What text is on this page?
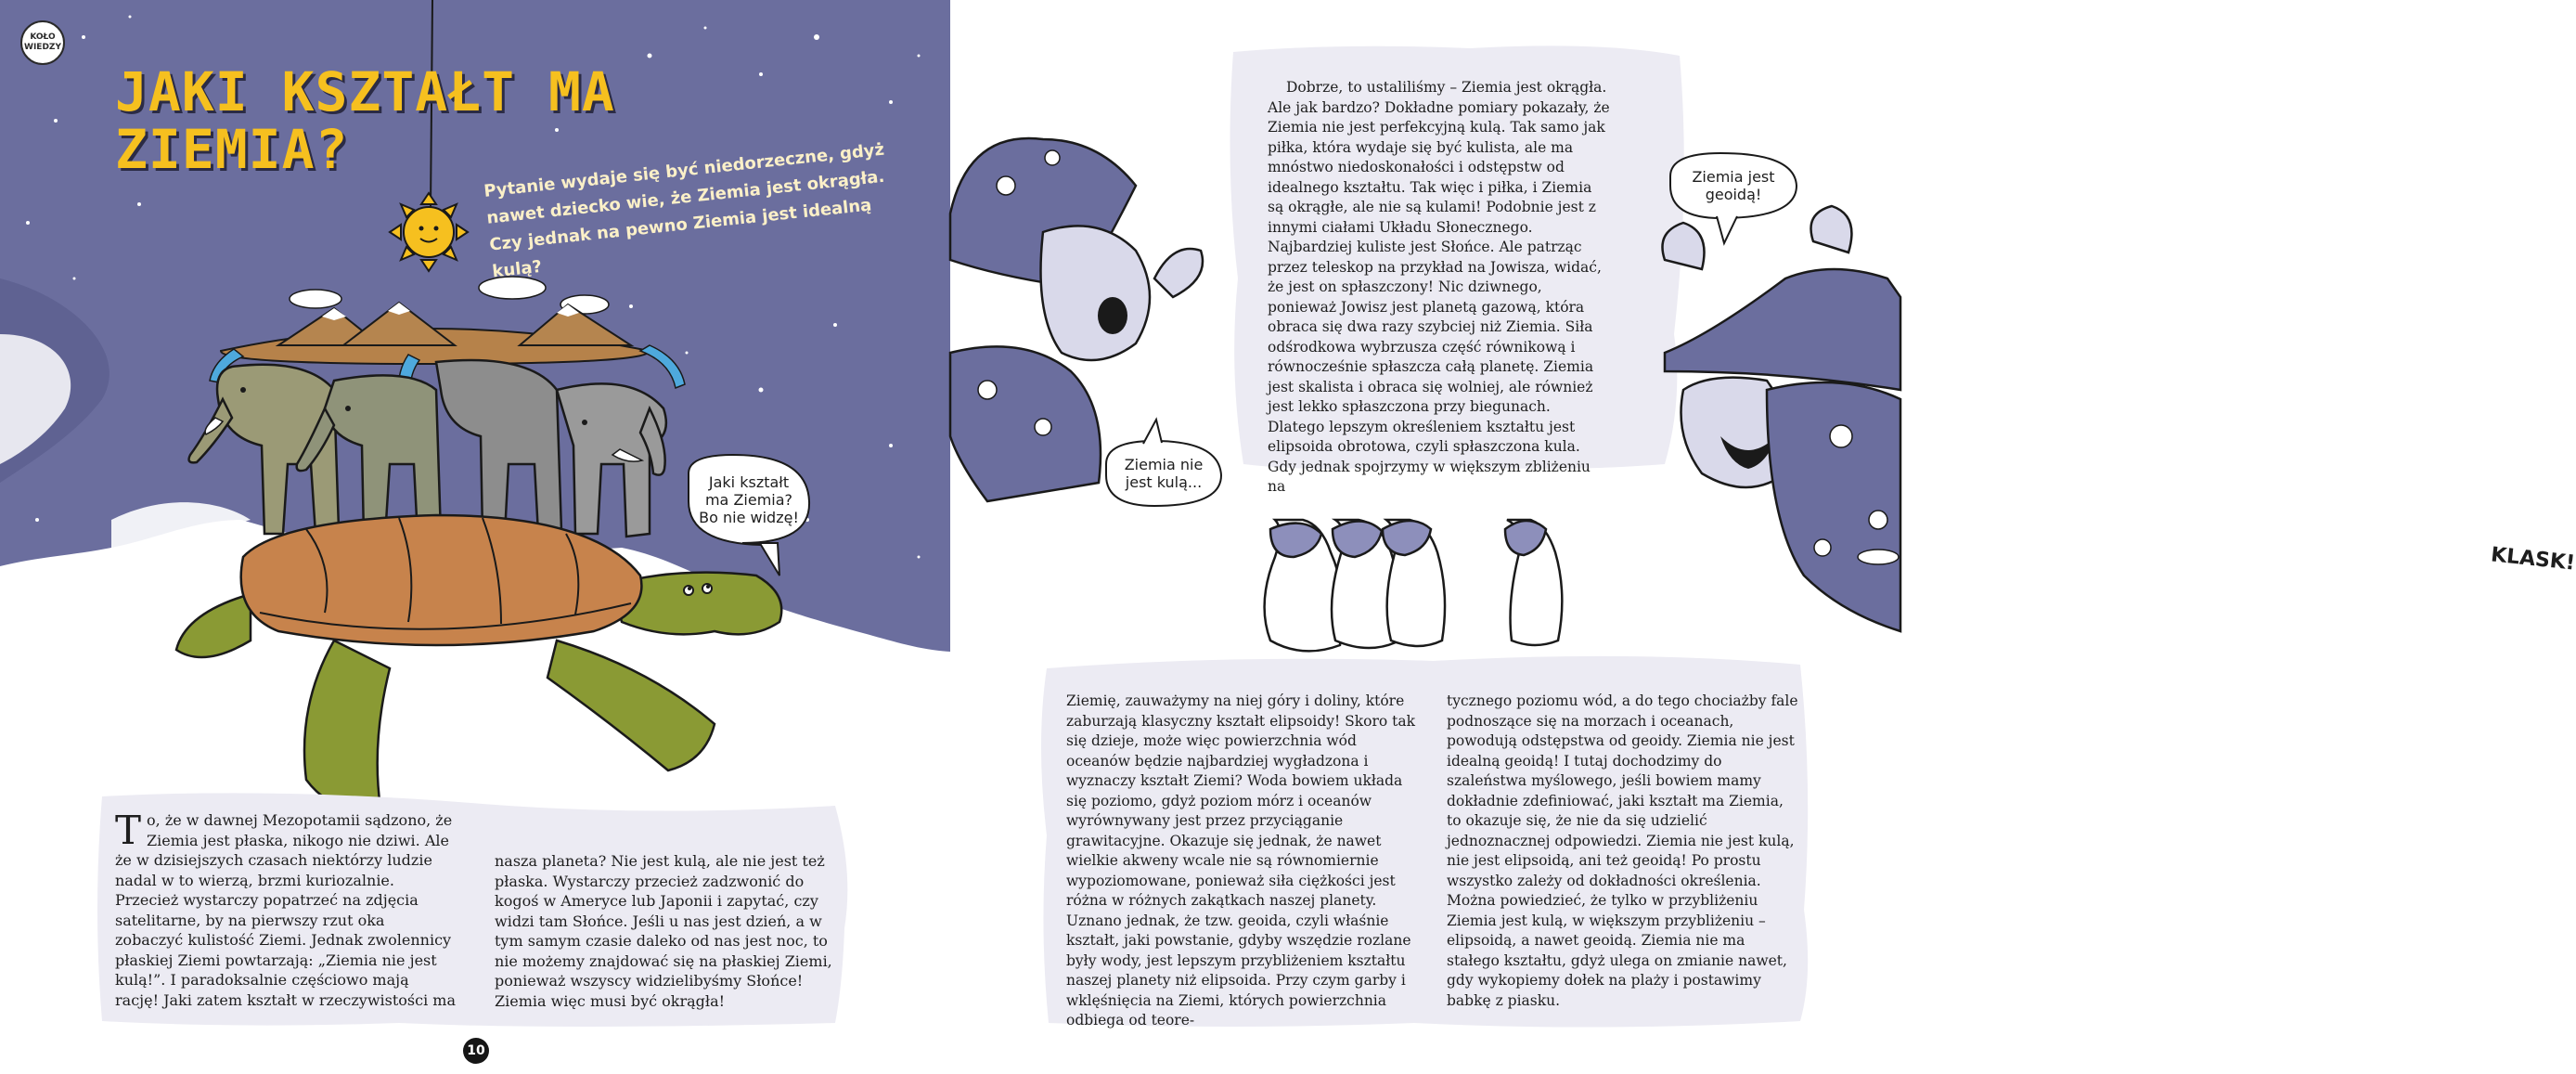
KOŁO WIEDZY
JAKI KSZTAŁT MA ZIEMIA?	Pytanie wydaje się być niedorzeczne, gdyż nawet dziecko wie, że Ziemia jest okrągła. Czy jednak na pewno Ziemia jest idealną kulą?

Jaki kształt
ma Ziemia?
Bo nie widzę!
To, że w dawnej Mezopotamii sądzono, że Ziemia jest płaska, nikogo nie dziwi. Ale że w dzisiejszych czasach niektórzy ludzie nadal w to wierzą, brzmi kuriozalnie. Przecież wystarczy popatrzeć na zdjęcia satelitarne, by na pierwszy rzut oka zobaczyć kulistość Ziemi. Jednak zwolennicy płaskiej Ziemi powtarzają: „Ziemia nie jest kulą!”. I paradoksalnie częściowo mają rację! Jaki zatem kształt w rzeczywistości ma
nasza planeta? Nie jest kulą, ale nie jest też płaska. Wystarczy przecież zadzwonić do kogoś w Ameryce lub Japonii i zapytać, czy widzi tam Słońce. Jeśli u nas jest dzień, a w tym samym czasie daleko od nas jest noc, to nie możemy znajdować się na płaskiej Ziemi, ponieważ wszyscy widzielibyśmy Słońce! Ziemia więc musi być okrągła!
10
Ziemia nie
jest kulą...
Dobrze, to ustaliliśmy – Ziemia jest okrągła. Ale jak bardzo? Dokładne pomiary pokazały, że Ziemia nie jest perfekcyjną kulą. Tak samo jak piłka, która wydaje się być kulista, ale ma mnóstwo niedoskonałości i odstępstw od idealnego kształtu. Tak więc i piłka, i Ziemia są okrągłe, ale nie są kulami! Podobnie jest z innymi ciałami Układu Słonecznego. Najbardziej kuliste jest Słońce. Ale patrząc przez teleskop na przykład na Jowisza, widać, że jest on spłaszczony! Nic dziwnego, ponieważ Jowisz jest planetą gazową, która obraca się dwa razy szybciej niż Ziemia. Siła odśrodkowa wybrzusza część równikową i równocześnie spłaszcza całą planetę. Ziemia jest skalista i obraca się wolniej, ale również jest lekko spłaszczona przy biegunach. Dlatego lepszym określeniem kształtu jest elipsoida obrotowa, czyli spłaszczona kula. Gdy jednak spojrzymy w większym zbliżeniu na
Ziemia jest
geoidą!
KLASK!
Ziemię, zauważymy na niej góry i doliny, które zaburzają klasyczny kształt elipsoidy! Skoro tak się dzieje, może więc powierzchnia wód oceanów będzie najbardziej wygładzona i wyznaczy kształt Ziemi? Woda bowiem układa się poziomo, gdyż poziom mórz i oceanów wyrównywany jest przez przyciąganie grawitacyjne. Okazuje się jednak, że nawet wielkie akweny wcale nie są równomiernie wypoziomowane, ponieważ siła ciężkości jest różna w różnych zakątkach naszej planety. Uznano jednak, że tzw. geoida, czyli właśnie kształt, jaki powstanie, gdyby wszędzie rozlane były wody, jest lepszym przybliżeniem kształtu naszej planety niż elipsoida. Przy czym garby i wklęśnięcia na Ziemi, których powierzchnia odbiega od teore-
tycznego poziomu wód, a do tego chociażby fale podnoszące się na morzach i oceanach, powodują odstępstwa od geoidy. Ziemia nie jest idealną geoidą! I tutaj dochodzimy do szaleństwa myślowego, jeśli bowiem mamy dokładnie zdefiniować, jaki kształt ma Ziemia, to okazuje się, że nie da się udzielić jednoznacznej odpowiedzi. Ziemia nie jest kulą, nie jest elipsoidą, ani też geoidą! Po prostu wszystko zależy od dokładności określenia. Można powiedzieć, że tylko w przybliżeniu Ziemia jest kulą, w większym przybliżeniu – elipsoidą, a nawet geoidą. Ziemia nie ma stałego kształtu, gdyż ulega on zmianie nawet, gdy wykopiemy dołek na plaży i postawimy babkę z piasku.
